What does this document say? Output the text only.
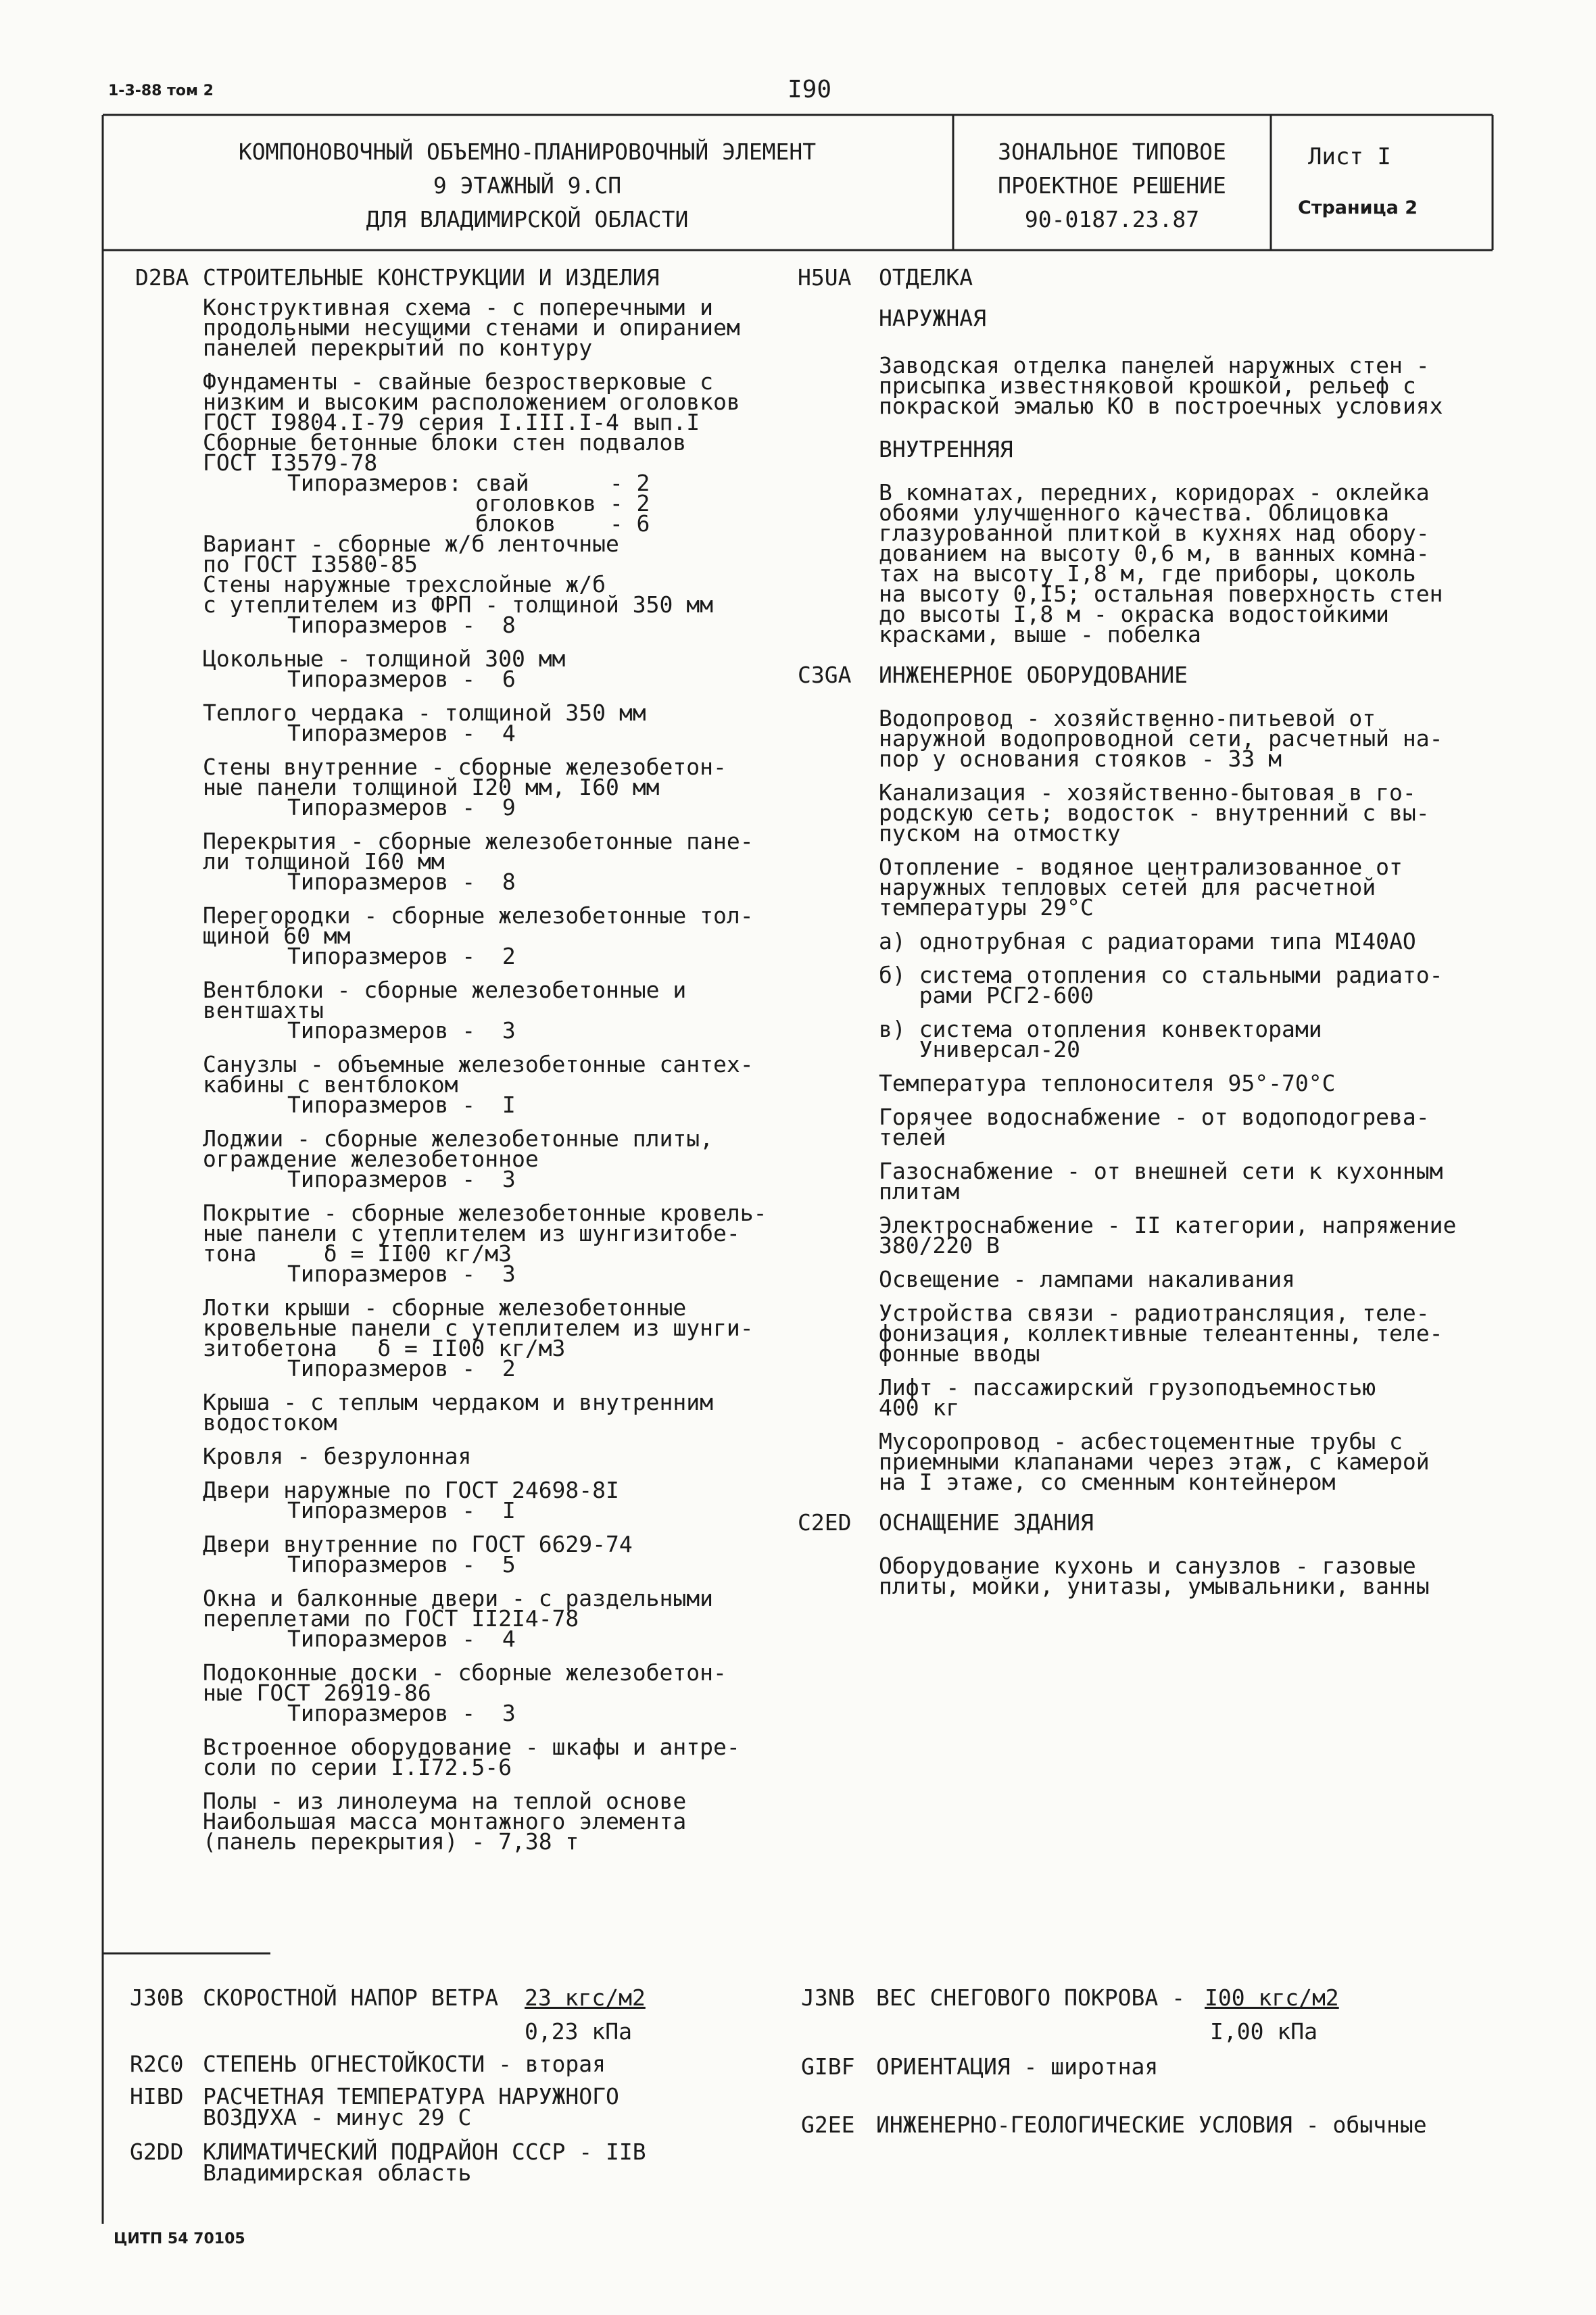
1-3-88 том 2	I90
КОМПОНОВОЧНЫЙ ОБЪЕМНО-ПЛАНИРОВОЧНЫЙ ЭЛЕМЕНТ
9 ЭТАЖНЫЙ 9.СП
ДЛЯ ВЛАДИМИРСКОЙ ОБЛАСТИ
ЗОНАЛЬНОЕ ТИПОВОЕ
ПРОЕКТНОЕ РЕШЕНИЕ
90-0187.23.87
Лист I
Страница 2
D2BA СТРОИТЕЛЬНЫЕ КОНСТРУКЦИИ И ИЗДЕЛИЯ
Конструктивная схема - с поперечными и
продольными несущими стенами и опиранием
панелей перекрытий по контуру
Фундаменты - свайные безростверковые с
низким и высоким расположением оголовков
ГОСТ I9804.I-79 серия I.III.I-4 вып.I
Сборные бетонные блоки стен подвалов
ГОСТ I3579-78
Типоразмеров: свай      - 2
оголовков - 2
блоков    - 6
Вариант - сборные ж/б ленточные
по ГОСТ I3580-85
Стены наружные трехслойные ж/б
с утеплителем из ФРП - толщиной 350 мм
Типоразмеров -  8
Цокольные - толщиной 300 мм
Типоразмеров -  6
Теплого чердака - толщиной 350 мм
Типоразмеров -  4
Стены внутренние - сборные железобетон-
ные панели толщиной I20 мм, I60 мм
Типоразмеров -  9
Перекрытия - сборные железобетонные пане-
ли толщиной I60 мм
Типоразмеров -  8
Перегородки - сборные железобетонные тол-
щиной 60 мм
Типоразмеров -  2
Вентблоки - сборные железобетонные и
вентшахты
Типоразмеров -  3
Санузлы - объемные железобетонные сантех-
кабины с вентблоком
Типоразмеров -  I
Лоджии - сборные железобетонные плиты,
ограждение железобетонное
Типоразмеров -  3
Покрытие - сборные железобетонные кровель-
ные панели с утеплителем из шунгизитобе-
тона     δ = II00 кг/м3
Типоразмеров -  3
Лотки крыши - сборные железобетонные
кровельные панели с утеплителем из шунги-
зитобетона   δ = II00 кг/м3
Типоразмеров -  2
Крыша - с теплым чердаком и внутренним
водостоком
Кровля - безрулонная
Двери наружные по ГОСТ 24698-8I
Типоразмеров -  I
Двери внутренние по ГОСТ 6629-74
Типоразмеров -  5
Окна и балконные двери - с раздельными
переплетами по ГОСТ II2I4-78
Типоразмеров -  4
Подоконные доски - сборные железобетон-
ные ГОСТ 26919-86
Типоразмеров -  3
Встроенное оборудование - шкафы и антре-
соли по серии I.I72.5-6
Полы - из линолеума на теплой основе
Наибольшая масса монтажного элемента
(панель перекрытия) - 7,38 т
H5UA ОТДЕЛКА
НАРУЖНАЯ
Заводская отделка панелей наружных стен -
присыпка известняковой крошкой, рельеф с
покраской эмалью КО в построечных условиях
ВНУТРЕННЯЯ
В комнатах, передних, коридорах - оклейка
обоями улучшенного качества. Облицовка
глазурованной плиткой в кухнях над обору-
дованием на высоту 0,6 м, в ванных комна-
тах на высоту I,8 м, где приборы, цоколь
на высоту 0,I5; остальная поверхность стен
до высоты I,8 м - окраска водостойкими
красками, выше - побелка
C3GA ИНЖЕНЕРНОЕ ОБОРУДОВАНИЕ
Водопровод - хозяйственно-питьевой от
наружной водопроводной сети, расчетный на-
пор у основания стояков - 33 м
Канализация - хозяйственно-бытовая в го-
родскую сеть; водосток - внутренний с вы-
пуском на отмостку
Отопление - водяное централизованное от
наружных тепловых сетей для расчетной
температуры 29°С
а) однотрубная с радиаторами типа МI40АО
б) система отопления со стальными радиато-
рами РСГ2-600
в) система отопления конвекторами
Универсал-20
Температура теплоносителя 95°-70°С
Горячее водоснабжение - от водоподогрева-
телей
Газоснабжение - от внешней сети к кухонным
плитам
Электроснабжение - II категории, напряжение
380/220 В
Освещение - лампами накаливания
Устройства связи - радиотрансляция, теле-
фонизация, коллективные телеантенны, теле-
фонные вводы
Лифт - пассажирский грузоподъемностью
400 кг
Мусоропровод - асбестоцементные трубы с
приемными клапанами через этаж, с камерой
на I этаже, со сменным контейнером
C2ED ОСНАЩЕНИЕ ЗДАНИЯ
Оборудование кухонь и санузлов - газовые
плиты, мойки, унитазы, умывальники, ванны
J30B СКОРОСТНОЙ НАПОР ВЕТРА 23 кгс/м2
0,23 кПа
R2C0 СТЕПЕНЬ ОГНЕСТОЙКОСТИ - вторая
HIBD РАСЧЕТНАЯ ТЕМПЕРАТУРА НАРУЖНОГО
ВОЗДУХА - минус 29 С
G2DD КЛИМАТИЧЕСКИЙ ПОДРАЙОН СССР - IIВ
Владимирская область
J3NB ВЕС СНЕГОВОГО ПОКРОВА - I00 кгс/м2
I,00 кПа
GIBF ОРИЕНТАЦИЯ - широтная
G2EE ИНЖЕНЕРНО-ГЕОЛОГИЧЕСКИЕ УСЛОВИЯ - обычные
ЦИТП 54 70105
